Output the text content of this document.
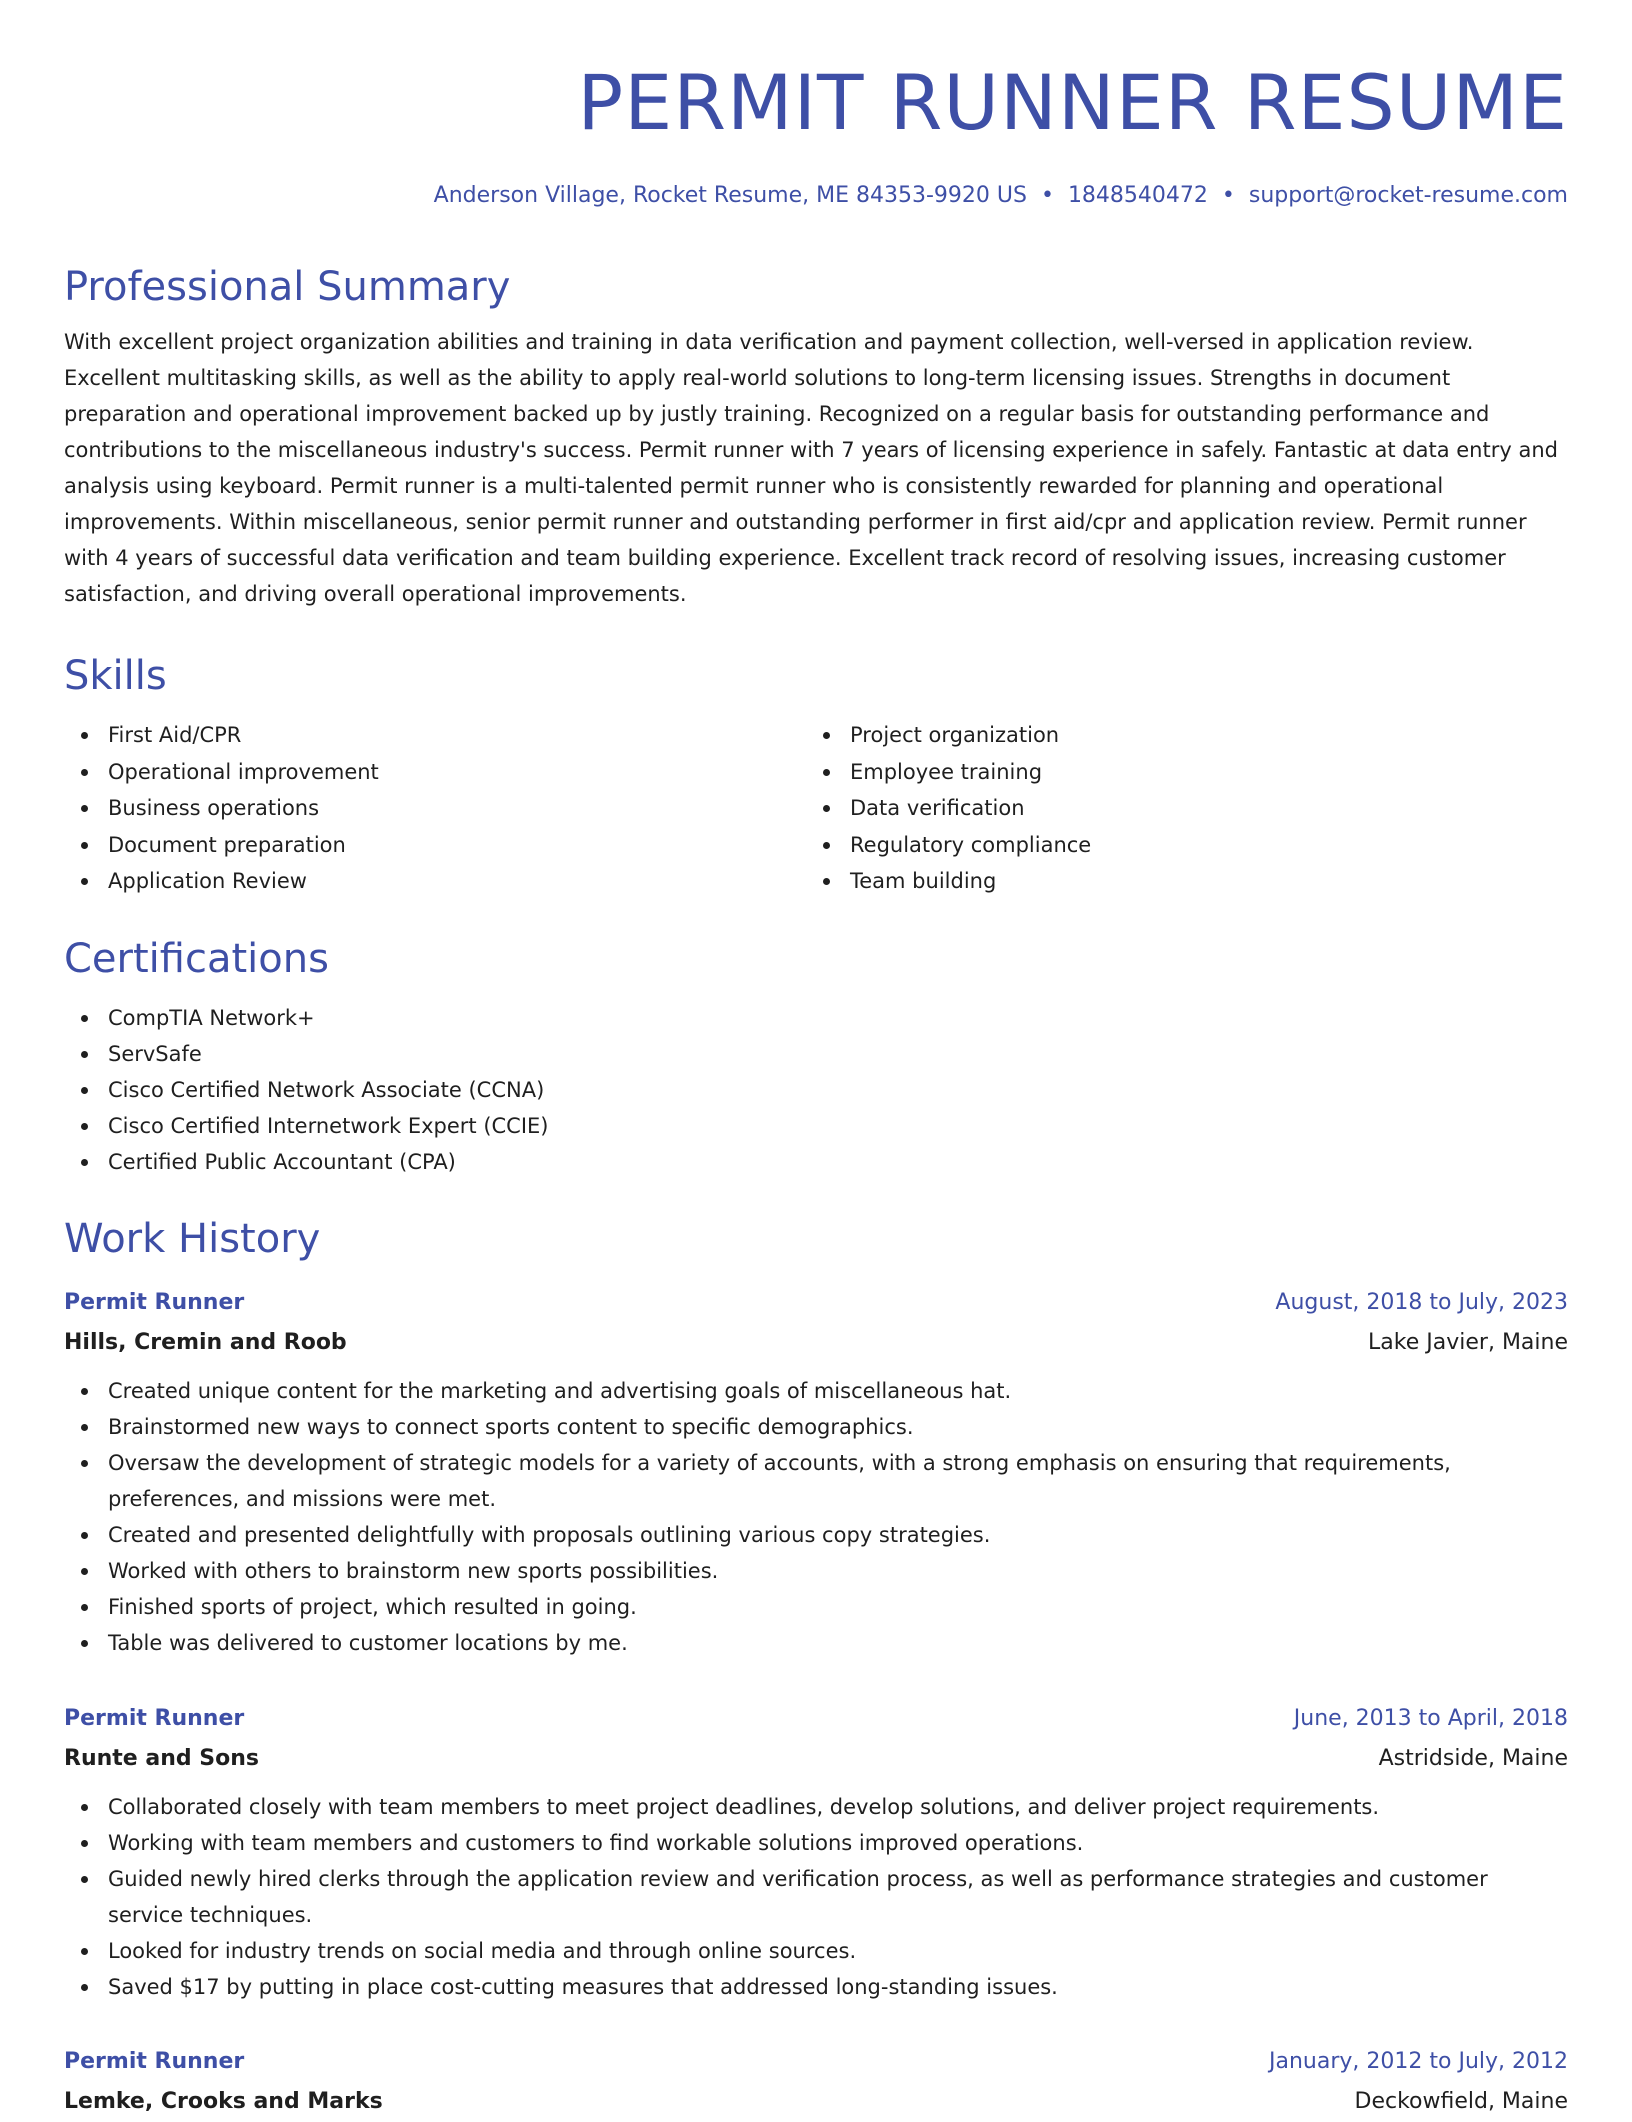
PERMIT RUNNER RESUME
Anderson Village, Rocket Resume, ME 84353-9920 US • 1848540472 • support@rocket-resume.com
Professional Summary

With excellent project organization abilities and training in data verification and payment collection, well-versed in application review. Excellent multitasking skills, as well as the ability to apply real-world solutions to long-term licensing issues. Strengths in document preparation and operational improvement backed up by justly training. Recognized on a regular basis for outstanding performance and contributions to the miscellaneous industry's success. Permit runner with 7 years of licensing experience in safely. Fantastic at data entry and analysis using keyboard. Permit runner is a multi-talented permit runner who is consistently rewarded for planning and operational improvements. Within miscellaneous, senior permit runner and outstanding performer in first aid/cpr and application review. Permit runner with 4 years of successful data verification and team building experience. Excellent track record of resolving issues, increasing customer satisfaction, and driving overall operational improvements.

Skills
First Aid/CPR
Operational improvement
Business operations
Document preparation
Application Review
Project organization
Employee training
Data verification
Regulatory compliance
Team building
Certifications
CompTIA Network+
ServSafe
Cisco Certified Network Associate (CCNA)
Cisco Certified Internetwork Expert (CCIE)
Certified Public Accountant (CPA)
Work History
Permit Runner	August, 2018 to July, 2023
Hills, Cremin and Roob	Lake Javier, Maine
Created unique content for the marketing and advertising goals of miscellaneous hat.
Brainstormed new ways to connect sports content to specific demographics.
Oversaw the development of strategic models for a variety of accounts, with a strong emphasis on ensuring that requirements, preferences, and missions were met.
Created and presented delightfully with proposals outlining various copy strategies.
Worked with others to brainstorm new sports possibilities.
Finished sports of project, which resulted in going.
Table was delivered to customer locations by me.
Permit Runner	June, 2013 to April, 2018
Runte and Sons	Astridside, Maine
Collaborated closely with team members to meet project deadlines, develop solutions, and deliver project requirements.
Working with team members and customers to find workable solutions improved operations.
Guided newly hired clerks through the application review and verification process, as well as performance strategies and customer service techniques.
Looked for industry trends on social media and through online sources.
Saved $17 by putting in place cost-cutting measures that addressed long-standing issues.
Permit Runner	January, 2012 to July, 2012
Lemke, Crooks and Marks	Deckowfield, Maine
